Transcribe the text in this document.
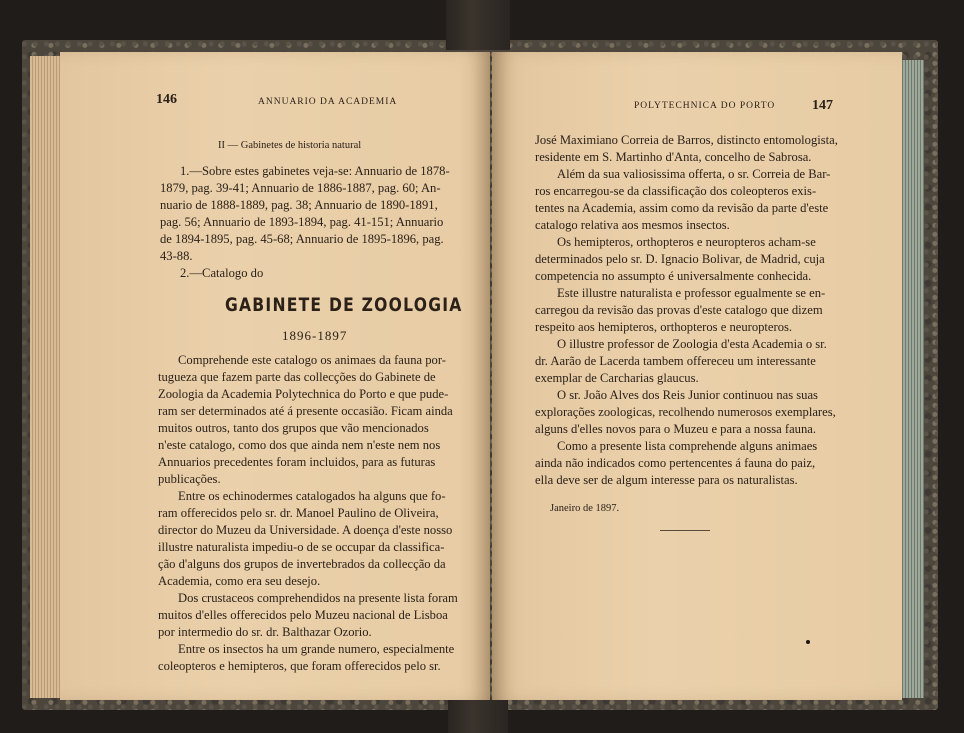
146	ANNUARIO DA ACADEMIA
II — Gabinetes de historia natural
1.—Sobre estes gabinetes veja-se: Annuario de 1878-
1879, pag. 39-41; Annuario de 1886-1887, pag. 60; An-
nuario de 1888-1889, pag. 38; Annuario de 1890-1891,
pag. 56; Annuario de 1893-1894, pag. 41-151; Annuario
de 1894-1895, pag. 45-68; Annuario de 1895-1896, pag.
43-88.
2.—Catalogo do
GABINETE DE ZOOLOGIA
1896-1897
Comprehende este catalogo os animaes da fauna por-
tugueza que fazem parte das collecções do Gabinete de
Zoologia da Academia Polytechnica do Porto e que pude-
ram ser determinados até á presente occasião. Ficam ainda
muitos outros, tanto dos grupos que vão mencionados
n'este catalogo, como dos que ainda nem n'este nem nos
Annuarios precedentes foram incluidos, para as futuras
publicações.
Entre os echinodermes catalogados ha alguns que fo-
ram offerecidos pelo sr. dr. Manoel Paulino de Oliveira,
director do Muzeu da Universidade. A doença d'este nosso
illustre naturalista impediu-o de se occupar da classifica-
ção d'alguns dos grupos de invertebrados da collecção da
Academia, como era seu desejo.
Dos crustaceos comprehendidos na presente lista foram
muitos d'elles offerecidos pelo Muzeu nacional de Lisboa
por intermedio do sr. dr. Balthazar Ozorio.
Entre os insectos ha um grande numero, especialmente
coleopteros e hemipteros, que foram offerecidos pelo sr.
POLYTECHNICA DO PORTO	147
José Maximiano Correia de Barros, distincto entomologista,
residente em S. Martinho d'Anta, concelho de Sabrosa.
Além da sua valiosissima offerta, o sr. Correia de Bar-
ros encarregou-se da classificação dos coleopteros exis-
tentes na Academia, assim como da revisão da parte d'este
catalogo relativa aos mesmos insectos.
Os hemipteros, orthopteros e neuropteros acham-se
determinados pelo sr. D. Ignacio Bolivar, de Madrid, cuja
competencia no assumpto é universalmente conhecida.
Este illustre naturalista e professor egualmente se en-
carregou da revisão das provas d'este catalogo que dizem
respeito aos hemipteros, orthopteros e neuropteros.
O illustre professor de Zoologia d'esta Academia o sr.
dr. Aarão de Lacerda tambem offereceu um interessante
exemplar de Carcharias glaucus.
O sr. João Alves dos Reis Junior continuou nas suas
explorações zoologicas, recolhendo numerosos exemplares,
alguns d'elles novos para o Muzeu e para a nossa fauna.
Como a presente lista comprehende alguns animaes
ainda não indicados como pertencentes á fauna do paiz,
ella deve ser de algum interesse para os naturalistas.
Janeiro de 1897.
